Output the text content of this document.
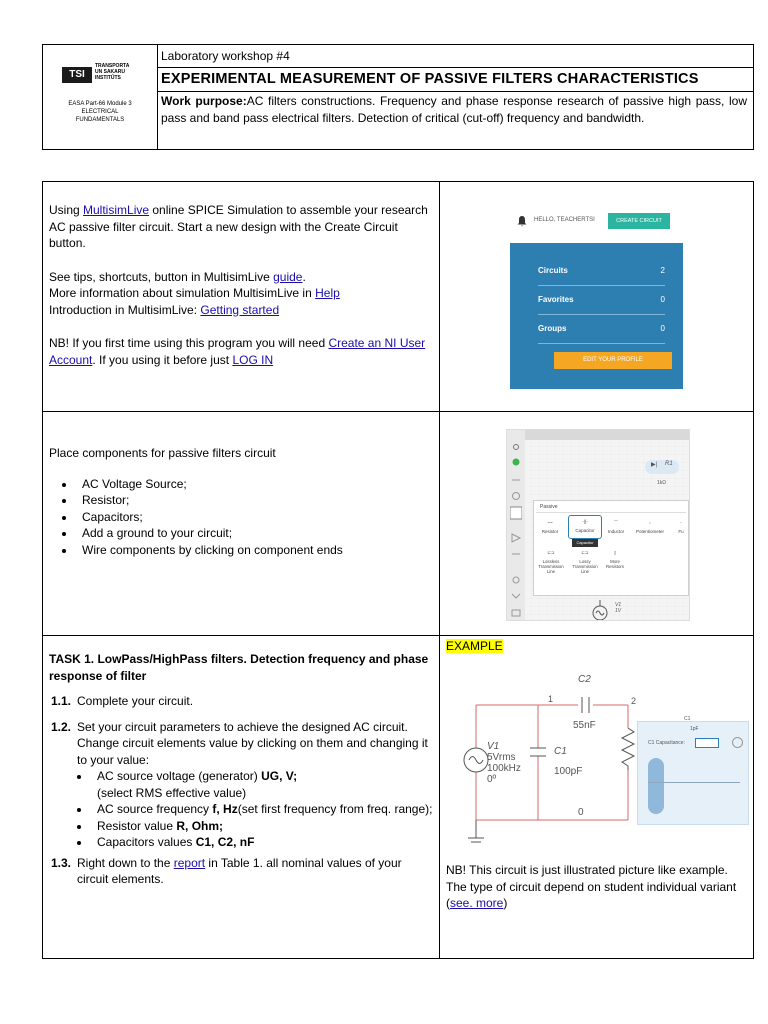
TSI
TRANSPORTA
UN SAKARU
INSTITŪTS
EASA Part-66 Module 3
ELECTRICAL
FUNDAMENTALS
Laboratory workshop #4
EXPERIMENTAL MEASUREMENT OF PASSIVE FILTERS CHARACTERISTICS
Work purpose:AC filters constructions. Frequency and phase response research of passive high pass, low pass and band pass electrical filters. Detection of critical (cut-off) frequency and bandwidth.

Using MultisimLive online SPICE Simulation to assemble your research AC passive filter circuit. Start a new design with the Create Circuit button.

See tips, shortcuts, button in MultisimLive guide.

More information about simulation MultisimLive in Help

Introduction in MultisimLive: Getting started

NB! If you first time using this program you will need Create an NI User Account. If you using it before just LOG IN

HELLO, TEACHERTSI	CREATE CIRCUIT
2
Circuits
0
Favorites
0
Groups
EDIT YOUR PROFILE

Place components for passive filters circuit

• AC Voltage Source;
• Resistor;
• Capacitors;
• Add a ground to your circuit;
• Wire components by clicking on component ends
R1
▶|
1kΩ
Passive
~~
Resistor
-|(-
Capacitor
⌒
Inductor
↓
Potentiometer
-
Fu
Capacitor
⊏⊐
Lossless Transmission Line
⊏⊐
Lossy Transmission Line
▯
More Resistors
V1
1V

TASK 1. LowPass/HighPass filters. Detection frequency and phase response of filter

1.1. Complete your circuit.
1.2. Set your circuit parameters to achieve the designed AC circuit. Change circuit elements value by clicking on them and changing it to your value:
• AC source voltage (generator) UG, V;
(select RMS effective value)
• AC source frequency f, Hz(set first frequency from freq. range);
• Resistor value R, Ohm;
• Capacitors values C1, C2, nF
1.3. Right down to the report in Table 1. all nominal values of your circuit elements.
EXAMPLE
C2
1	2
55nF
V1
5Vrms
100kHz
0º
C1
100pF
0
C1
1pF
C1 Capacitance:
NB! This circuit is just illustrated picture like example. The type of circuit depend on student individual variant (see. more)
